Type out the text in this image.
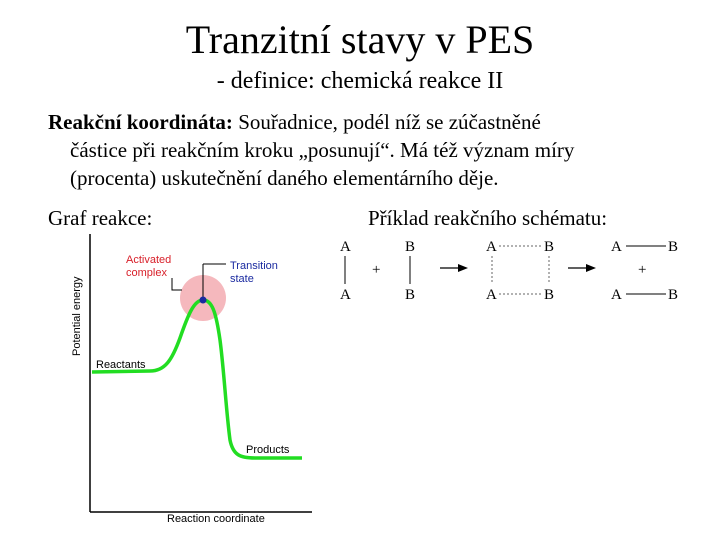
Tranzitní stavy v PES
- definice: chemická reakce II
Reakční koordináta: Souřadnice, podél níž se zúčastněné
částice při reakčním kroku „posunují“. Má též význam míry
(procenta) uskutečnění daného elementárního děje.
Graf reakce:	Příklad reakčního schématu:
Potential energy
Reaction coordinate
Activated
complex
Transition
state
Reactants
Products
A
A
+
B
B
A	B
A	B
A	B
+
A	B
